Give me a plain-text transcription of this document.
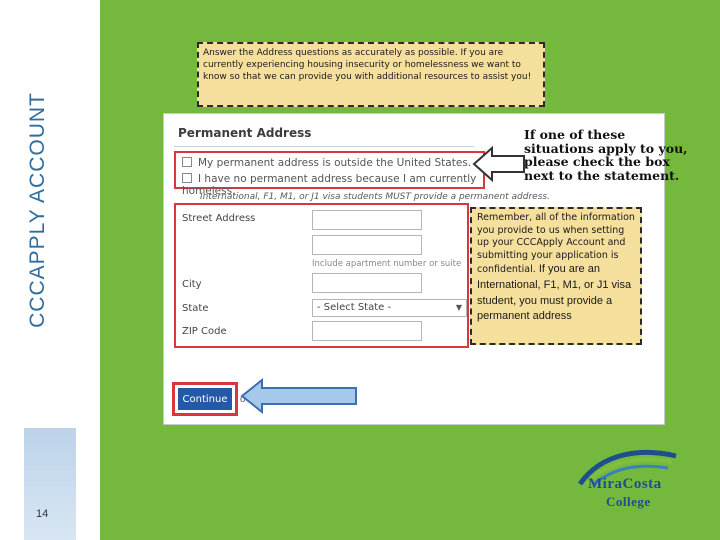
CCCAPPLY ACCOUNT
14
Answer the Address questions as accurately as possible. If you are currently experiencing housing insecurity or homelessness we want to know so that we can provide you with additional resources to assist you!
Permanent Address
My permanent address is outside the United States.
I have no permanent address because I am currently homeless.
International, F1, M1, or J1 visa students MUST provide a permanent address.
Street Address
Include apartment number or suite
City
State	- Select State -	▼
ZIP Code
Continue	o
If one of these situations apply to you, please check the box next to the statement.
Remember, all of the information you provide to us when setting up your CCCApply Account and submitting your application is confidential. If you are an International, F1, M1, or J1 visa student, you must provide a permanent address
MiraCosta
College
